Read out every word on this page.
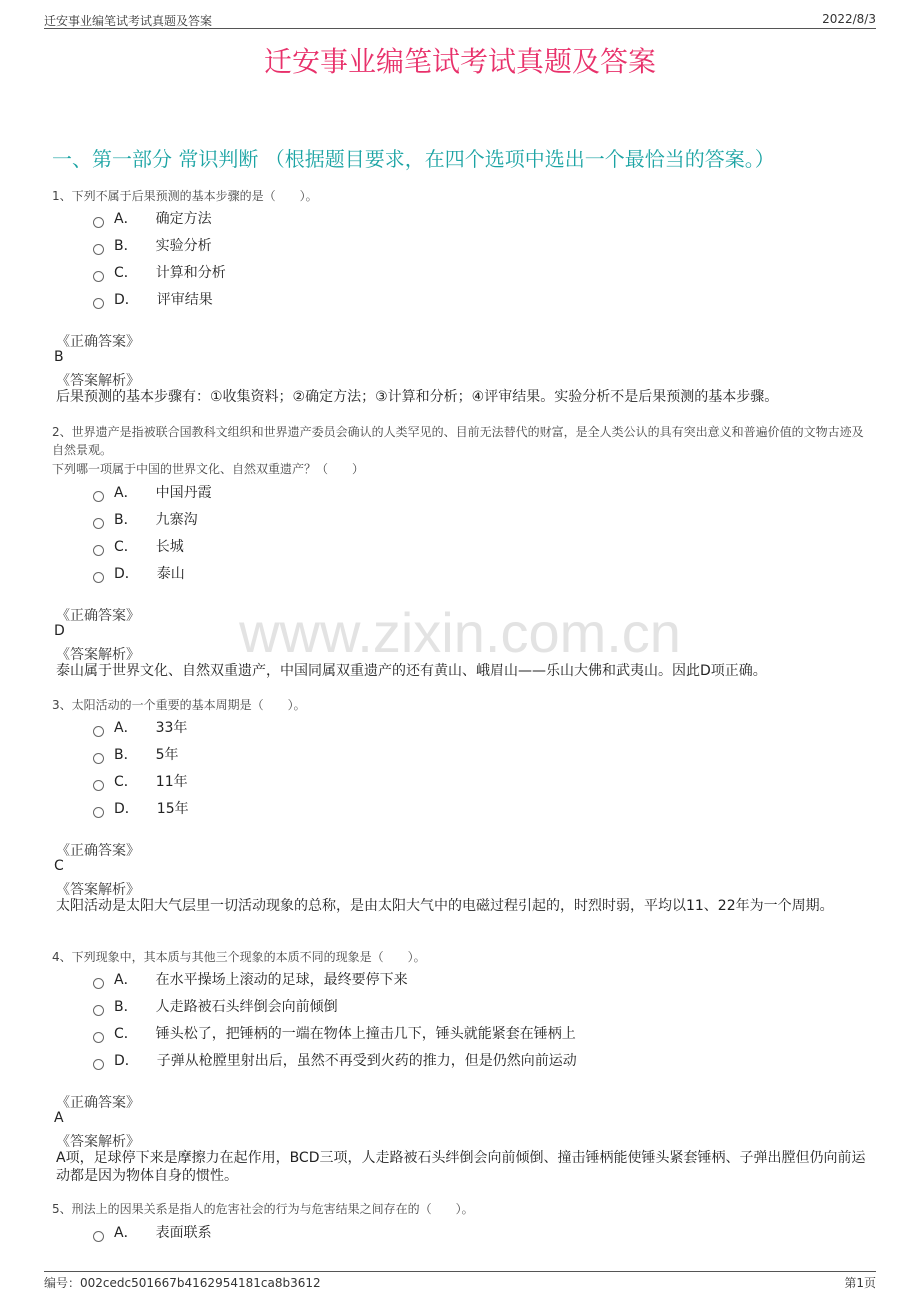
迁安事业编笔试考试真题及答案	2022/8/3
迁安事业编笔试考试真题及答案
一、第一部分 常识判断 （根据题目要求，在四个选项中选出一个最恰当的答案。）
www.zixin.com.cn
1、下列不属于后果预测的基本步骤的是（　　）。
A． 确定方法
B． 实验分析
C． 计算和分析
D． 评审结果
《正确答案》
B
《答案解析》
后果预测的基本步骤有：①收集资料；②确定方法；③计算和分析；④评审结果。实验分析不是后果预测的基本步骤。
2、世界遗产是指被联合国教科文组织和世界遗产委员会确认的人类罕见的、目前无法替代的财富，是全人类公认的具有突出意义和普遍价值的文物古迹及自然景观。
下列哪一项属于中国的世界文化、自然双重遗产？（　　）
A． 中国丹霞
B． 九寨沟
C． 长城
D． 泰山
《正确答案》
D
《答案解析》
泰山属于世界文化、自然双重遗产，中国同属双重遗产的还有黄山、峨眉山——乐山大佛和武夷山。因此D项正确。
3、太阳活动的一个重要的基本周期是（　　）。
A． 33年
B． 5年
C． 11年
D． 15年
《正确答案》
C
《答案解析》
太阳活动是太阳大气层里一切活动现象的总称，是由太阳大气中的电磁过程引起的，时烈时弱，平均以11、22年为一个周期。
4、下列现象中，其本质与其他三个现象的本质不同的现象是（　　）。
A． 在水平操场上滚动的足球，最终要停下来
B． 人走路被石头绊倒会向前倾倒
C． 锤头松了，把锤柄的一端在物体上撞击几下，锤头就能紧套在锤柄上
D． 子弹从枪膛里射出后，虽然不再受到火药的推力，但是仍然向前运动
《正确答案》
A
《答案解析》
A项，足球停下来是摩擦力在起作用，BCD三项，人走路被石头绊倒会向前倾倒、撞击锤柄能使锤头紧套锤柄、子弹出膛但仍向前运动都是因为物体自身的惯性。
5、刑法上的因果关系是指人的危害社会的行为与危害结果之间存在的（　　）。
A． 表面联系
编号：002cedc501667b4162954181ca8b3612	第1页
